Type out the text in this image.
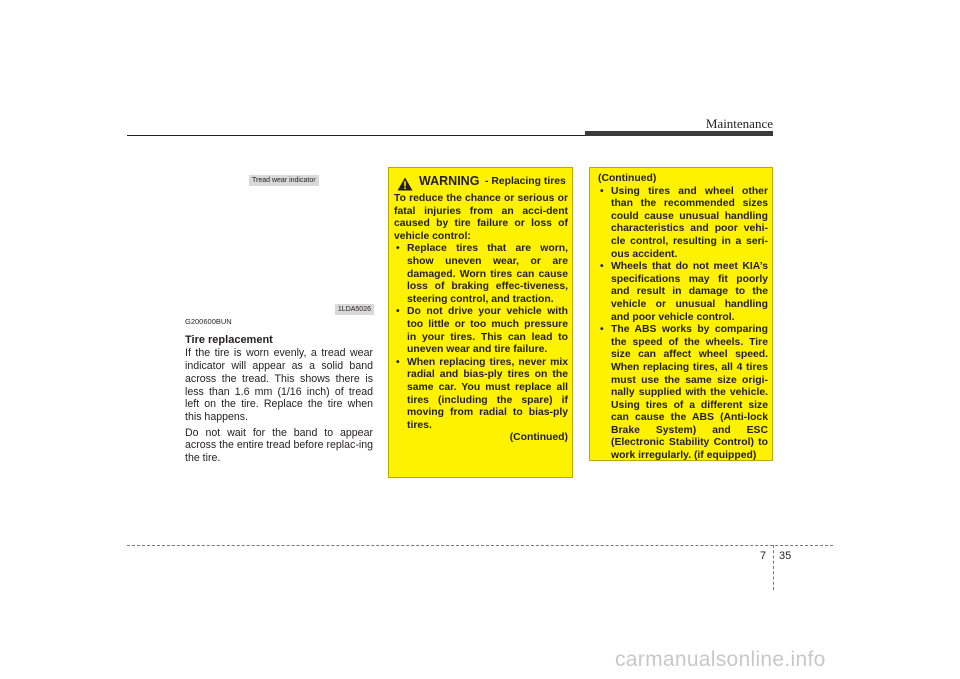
Maintenance
Tread wear indicator
1LDA5026
G200600BUN
Tire replacement

If the tire is worn evenly, a tread wear indicator will appear as a solid band across the tread. This shows there is less than 1.6 mm (1/16 inch) of tread left on the tire. Replace the tire when this happens.

Do not wait for the band to appear across the entire tread before replac-ing the tire.

WARNING - Replacing tires
To reduce the chance or serious or fatal injuries from an acci-dent caused by tire failure or loss of vehicle control:
• Replace tires that are worn, show uneven wear, or are damaged. Worn tires can cause loss of braking effec-tiveness, steering control, and traction.
• Do not drive your vehicle with too little or too much pressure in your tires. This can lead to uneven wear and tire failure.
• When replacing tires, never mix radial and bias-ply tires on the same car. You must replace all tires (including the spare) if moving from radial to bias-ply tires.
(Continued)
(Continued)
• Using tires and wheel other than the recommended sizes could cause unusual handling characteristics and poor vehi-cle control, resulting in a seri-ous accident.
• Wheels that do not meet KIA’s specifications may fit poorly and result in damage to the vehicle or unusual handling and poor vehicle control.
• The ABS works by comparing the speed of the wheels. Tire size can affect wheel speed. When replacing tires, all 4 tires must use the same size origi-nally supplied with the vehicle. Using tires of a different size can cause the ABS (Anti-lock Brake System) and ESC (Electronic Stability Control) to work irregularly. (if equipped)
7 35
carmanualsonline.info
